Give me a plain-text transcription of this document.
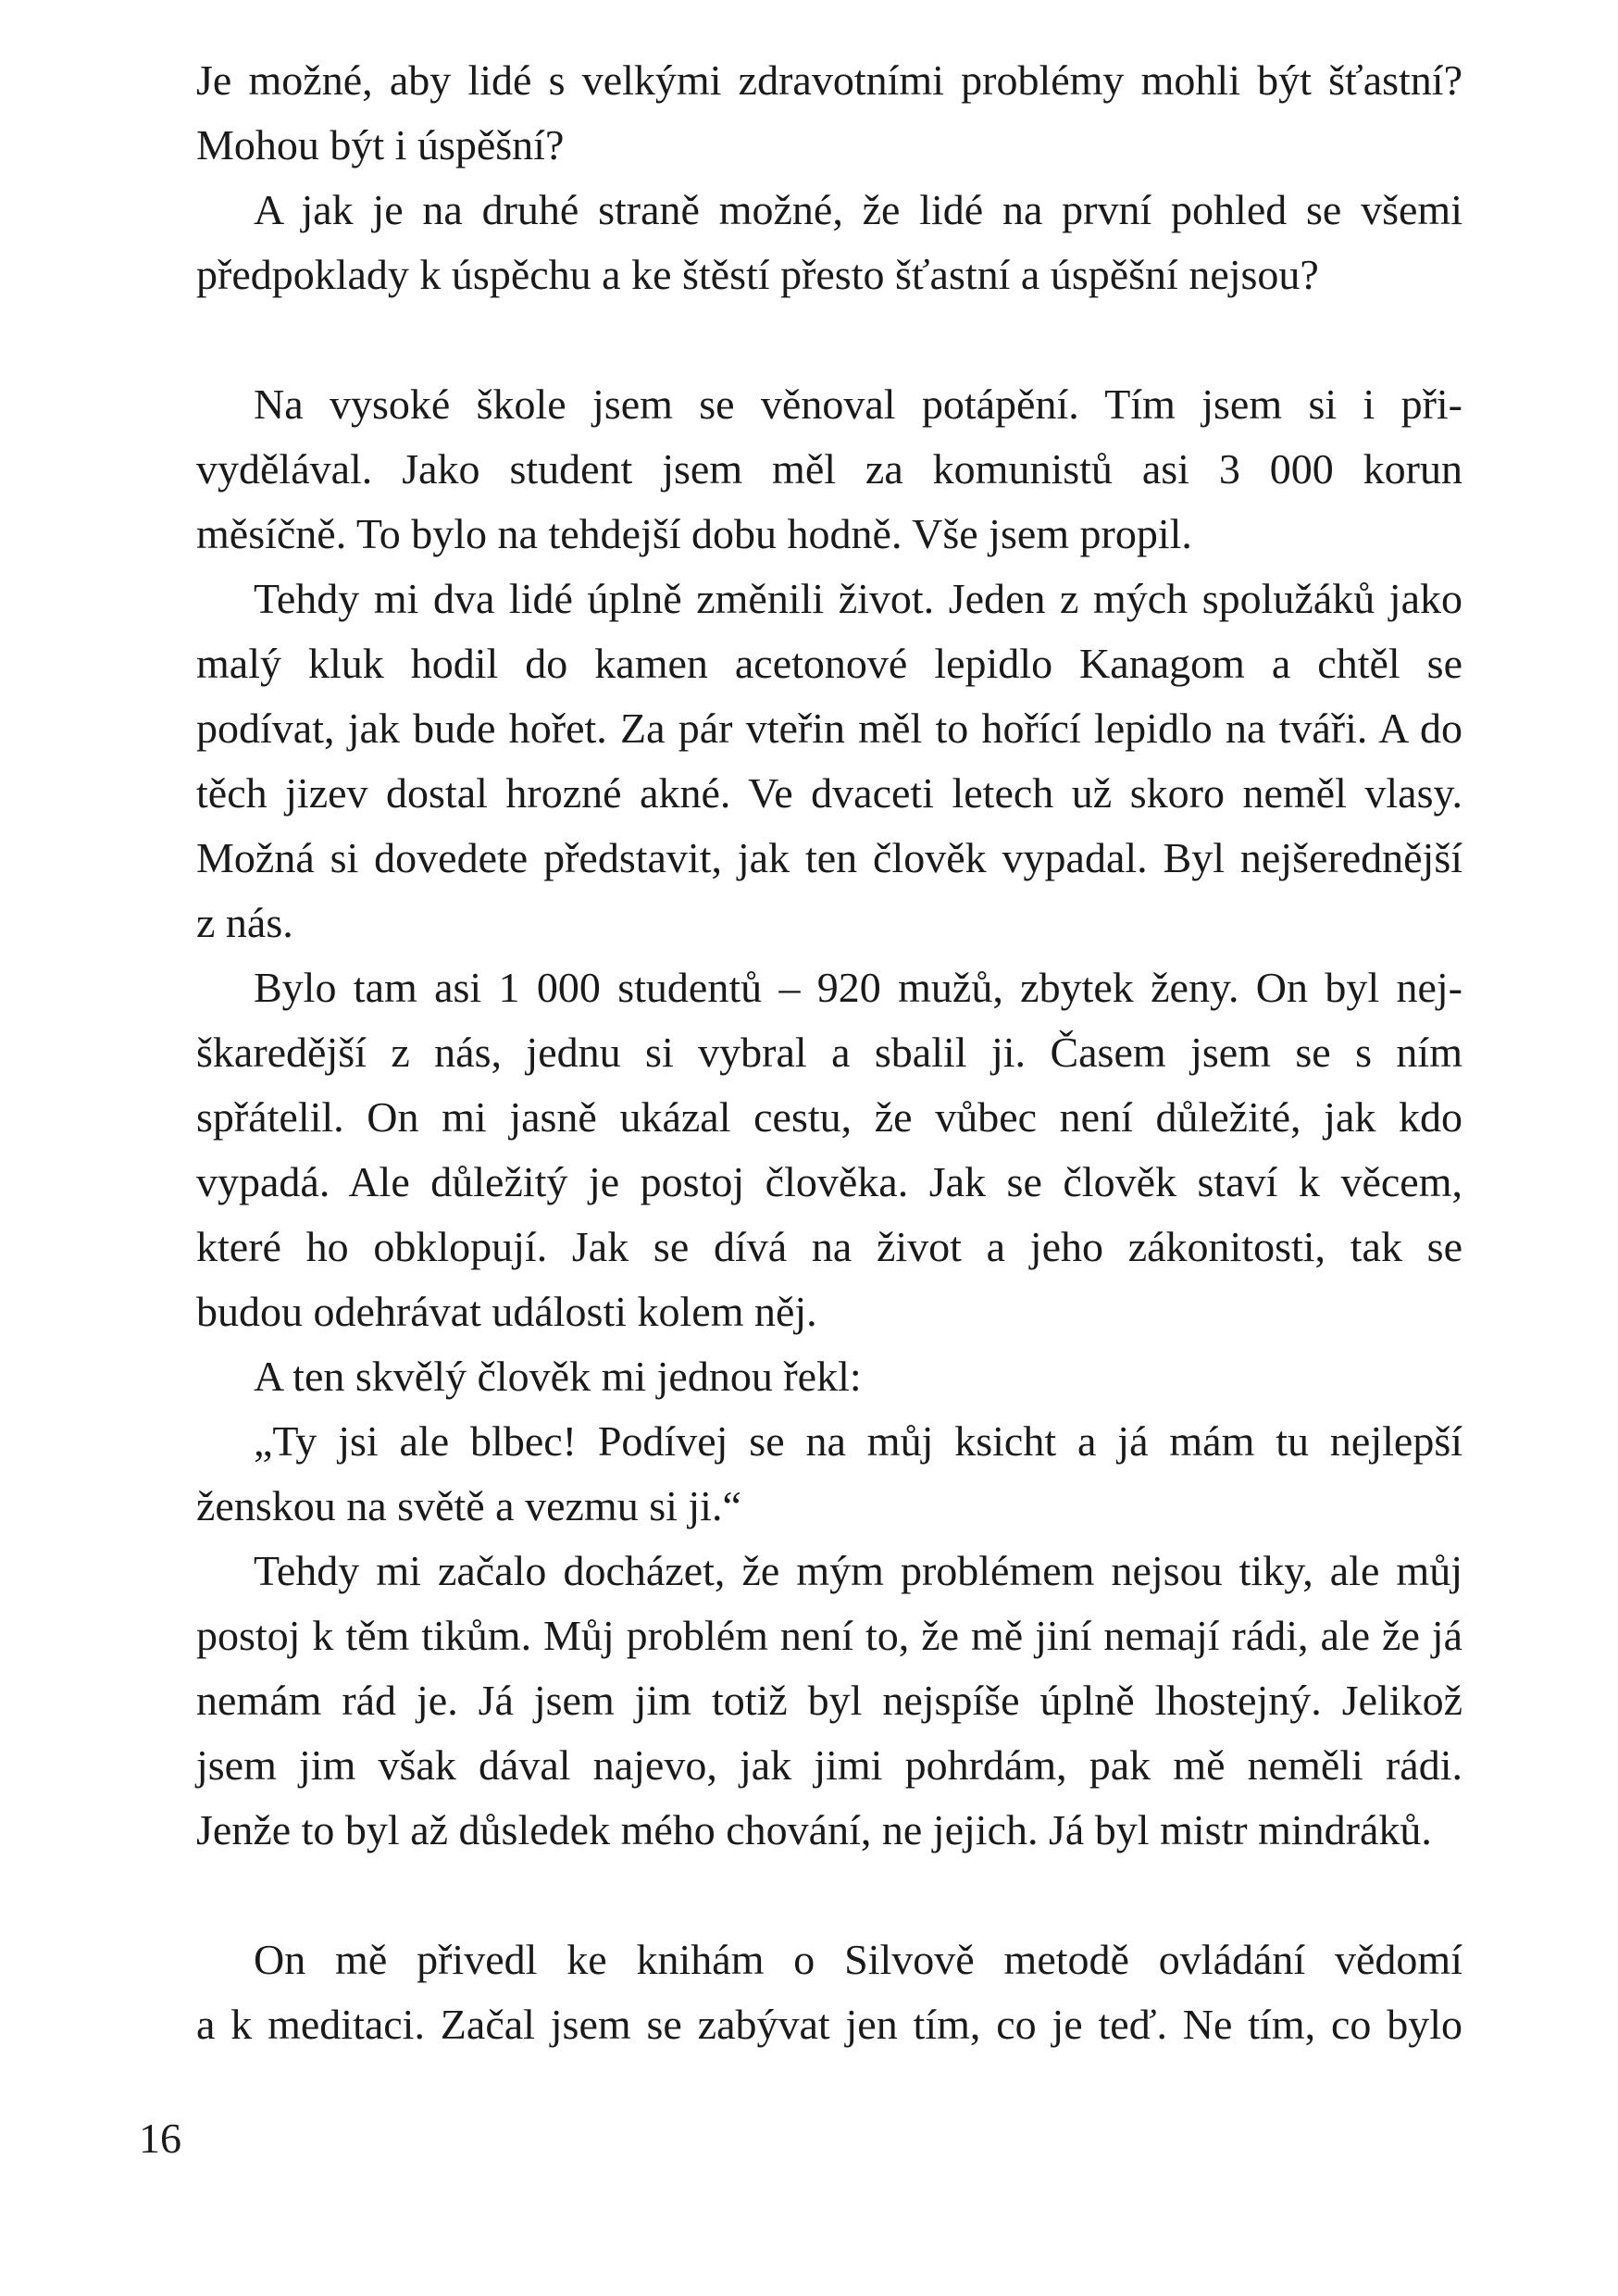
Je možné, aby lidé s velkými zdravotními problémy mohli být šťastní?
Mohou být i úspěšní?

A jak je na druhé straně možné, že lidé na první pohled se všemi
předpoklady k úspěchu a ke štěstí přesto šťastní a úspěšní nejsou?

Na vysoké škole jsem se věnoval potápění. Tím jsem si i při-
vydělával. Jako student jsem měl za komunistů asi 3 000 korun
měsíčně. To bylo na tehdejší dobu hodně. Vše jsem propil.

Tehdy mi dva lidé úplně změnili život. Jeden z mých spolužáků jako
malý kluk hodil do kamen acetonové lepidlo Kanagom a chtěl se
podívat, jak bude hořet. Za pár vteřin měl to hořící lepidlo na tváři. A do
těch jizev dostal hrozné akné. Ve dvaceti letech už skoro neměl vlasy.
Možná si dovedete představit, jak ten člověk vypadal. Byl nejšerednější
z nás.

Bylo tam asi 1 000 studentů – 920 mužů, zbytek ženy. On byl nej-
škaredější z nás, jednu si vybral a sbalil ji. Časem jsem se s ním
spřátelil. On mi jasně ukázal cestu, že vůbec není důležité, jak kdo
vypadá. Ale důležitý je postoj člověka. Jak se člověk staví k věcem,
které ho obklopují. Jak se dívá na život a jeho zákonitosti, tak se
budou odehrávat události kolem něj.

A ten skvělý člověk mi jednou řekl:

„Ty jsi ale blbec! Podívej se na můj ksicht a já mám tu nejlepší
ženskou na světě a vezmu si ji.“

Tehdy mi začalo docházet, že mým problémem nejsou tiky, ale můj
postoj k těm tikům. Můj problém není to, že mě jiní nemají rádi, ale že já
nemám rád je. Já jsem jim totiž byl nejspíše úplně lhostejný. Jelikož
jsem jim však dával najevo, jak jimi pohrdám, pak mě neměli rádi.
Jenže to byl až důsledek mého chování, ne jejich. Já byl mistr mindráků.

On mě přivedl ke knihám o Silvově metodě ovládání vědomí
a k meditaci. Začal jsem se zabývat jen tím, co je teď. Ne tím, co bylo

16
